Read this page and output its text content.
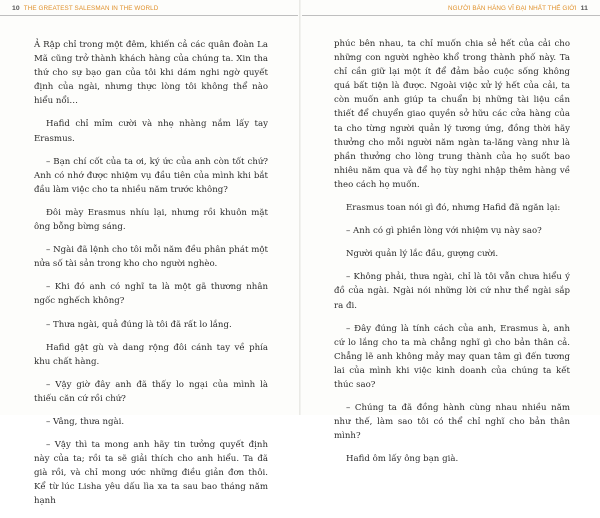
10 THE GREATEST SALESMAN IN THE WORLD	NGƯỜI BÁN HÀNG VĨ ĐẠI NHẤT THẾ GIỚI 11

Ả Rập chỉ trong một đêm, khiến cả các quân đoàn La Mã cũng trở thành khách hàng của chúng ta. Xin tha thứ cho sự bạo gan của tôi khi dám nghi ngờ quyết định của ngài, nhưng thực lòng tôi không thể nào hiểu nổi…

Hafid chỉ mỉm cười và nhẹ nhàng nắm lấy tay Erasmus.

– Bạn chí cốt của ta ơi, ký ức của anh còn tốt chứ? Anh có nhớ được nhiệm vụ đầu tiên của mình khi bắt đầu làm việc cho ta nhiều năm trước không?

Đôi mày Erasmus nhíu lại, nhưng rồi khuôn mặt ông bỗng bừng sáng.

– Ngài đã lệnh cho tôi mỗi năm đều phân phát một nửa số tài sản trong kho cho người nghèo.

– Khi đó anh có nghĩ ta là một gã thương nhân ngốc nghếch không?

– Thưa ngài, quả đúng là tôi đã rất lo lắng.

Hafid gật gù và dang rộng đôi cánh tay về phía khu chất hàng.

– Vậy giờ đây anh đã thấy lo ngại của mình là thiếu căn cứ rồi chứ?

– Vâng, thưa ngài.

– Vậy thì ta mong anh hãy tin tưởng quyết định này của ta; rồi ta sẽ giải thích cho anh hiểu. Ta đã già rồi, và chỉ mong ước những điều giản đơn thôi. Kể từ lúc Lisha yêu dấu lìa xa ta sau bao tháng năm hạnh

phúc bên nhau, ta chỉ muốn chia sẻ hết của cải cho những con người nghèo khổ trong thành phố này. Ta chỉ cần giữ lại một ít để đảm bảo cuộc sống không quá bất tiện là được. Ngoài việc xử lý hết của cải, ta còn muốn anh giúp ta chuẩn bị những tài liệu cần thiết để chuyển giao quyền sở hữu các cửa hàng của ta cho từng người quản lý tương ứng, đồng thời hãy thưởng cho mỗi người năm ngàn ta-lăng vàng như là phần thưởng cho lòng trung thành của họ suốt bao nhiêu năm qua và để họ tùy nghi nhập thêm hàng về theo cách họ muốn.

Erasmus toan nói gì đó, nhưng Hafid đã ngăn lại:

– Anh có gì phiền lòng với nhiệm vụ này sao?

Người quản lý lắc đầu, gượng cười.

– Không phải, thưa ngài, chỉ là tôi vẫn chưa hiểu ý đồ của ngài. Ngài nói những lời cứ như thể ngài sắp ra đi.

– Đây đúng là tính cách của anh, Erasmus à, anh cứ lo lắng cho ta mà chẳng nghĩ gì cho bản thân cả. Chẳng lẽ anh không mảy may quan tâm gì đến tương lai của mình khi việc kinh doanh của chúng ta kết thúc sao?

– Chúng ta đã đồng hành cùng nhau nhiều năm như thế, làm sao tôi có thể chỉ nghĩ cho bản thân mình?

Hafid ôm lấy ông bạn già.
